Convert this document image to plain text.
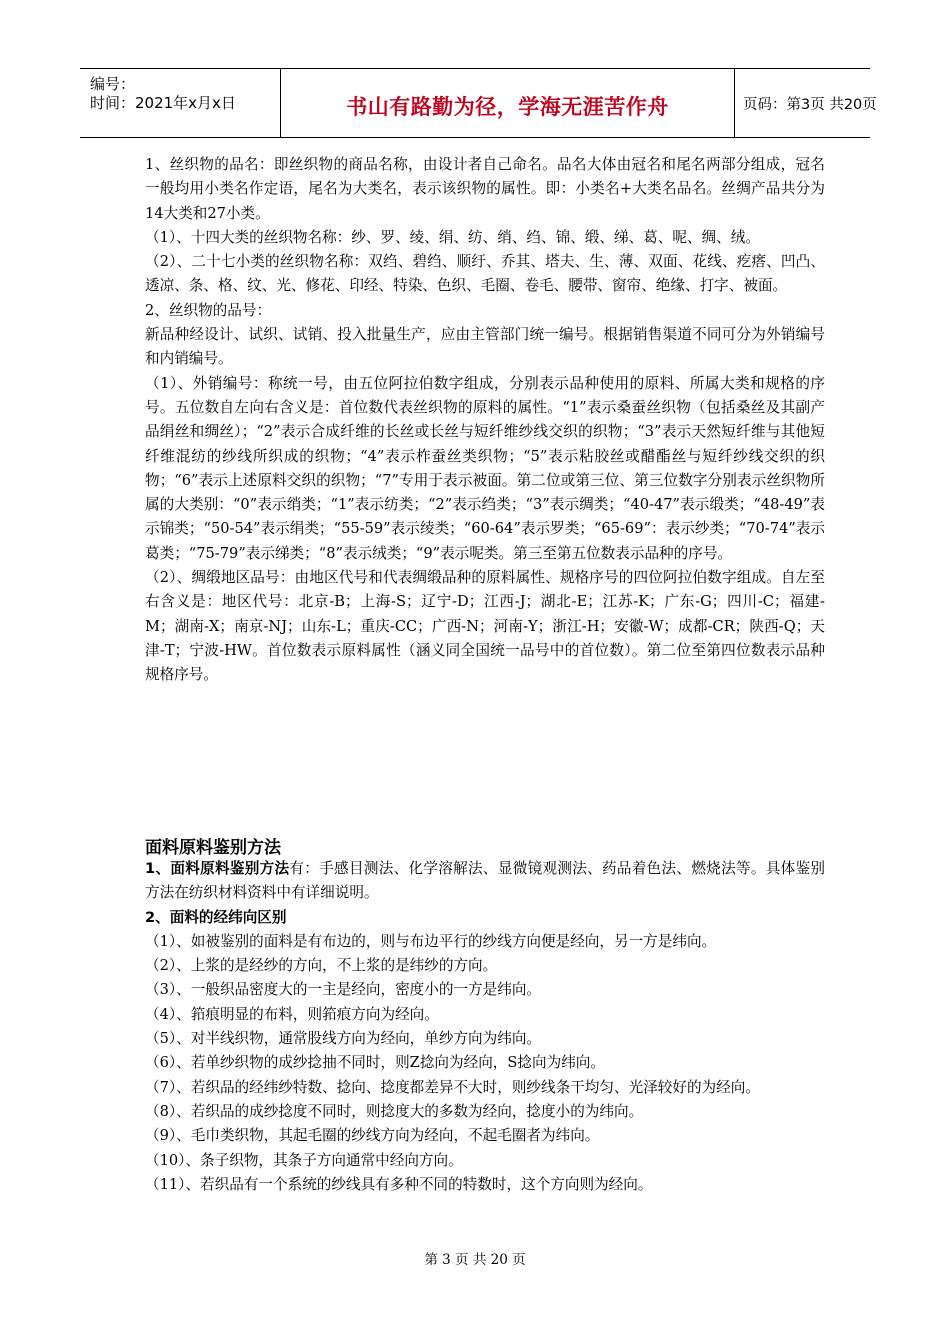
编号：
时间：2021年x月x日	书山有路勤为径，学海无涯苦作舟	页码：第3页 共20页

1、丝织物的品名：即丝织物的商品名称，由设计者自己命名。品名大体由冠名和尾名两部分组成，冠名一般均用小类名作定语，尾名为大类名，表示该织物的属性。即：小类名+大类名品名。丝绸产品共分为14大类和27小类。

（1）、十四大类的丝织物名称：纱、罗、绫、绢、纺、绡、绉、锦、缎、绨、葛、呢、绸、绒。

（2）、二十七小类的丝织物名称：双绉、碧绉、顺纡、乔其、塔夫、生、薄、双面、花线、疙瘩、凹凸、透凉、条、格、纹、光、修花、印经、特染、色织、毛圈、卷毛、腰带、窗帘、绝缘、打字、被面。

2、丝织物的品号：

新品种经设计、试织、试销、投入批量生产，应由主管部门统一编号。根据销售渠道不同可分为外销编号和内销编号。

（1）、外销编号：称统一号，由五位阿拉伯数字组成，分别表示品种使用的原料、所属大类和规格的序号。五位数自左向右含义是：首位数代表丝织物的原料的属性。“1”表示桑蚕丝织物（包括桑丝及其副产品绢丝和绸丝）；“2”表示合成纤维的长丝或长丝与短纤维纱线交织的织物；“3”表示天然短纤维与其他短纤维混纺的纱线所织成的织物；“4”表示柞蚕丝类织物；“5”表示粘胶丝或醋酯丝与短纤纱线交织的织物；“6”表示上述原料交织的织物；“7”专用于表示被面。第二位或第三位、第三位数字分别表示丝织物所属的大类别：“0”表示绡类；“1”表示纺类；“2”表示绉类；“3”表示绸类；“40-47”表示缎类；“48-49”表示锦类；“50-54”表示绢类；“55-59”表示绫类；“60-64”表示罗类；“65-69”：表示纱类；“70-74”表示葛类；“75-79”表示绨类；“8”表示绒类；“9”表示呢类。第三至第五位数表示品种的序号。

（2）、绸缎地区品号：由地区代号和代表绸缎品种的原料属性、规格序号的四位阿拉伯数字组成。自左至右含义是：地区代号：北京-B；上海-S；辽宁-D；江西-J；湖北-E；江苏-K；广东-G；四川-C；福建-M；湖南-X；南京-NJ；山东-L；重庆-CC；广西-N；河南-Y；浙江-H；安徽-W；成都-CR；陕西-Q；天津-T；宁波-HW。首位数表示原料属性（涵义同全国统一品号中的首位数）。第二位至第四位数表示品种规格序号。

面料原料鉴别方法

1、面料原料鉴别方法有：手感目测法、化学溶解法、显微镜观测法、药品着色法、燃烧法等。具体鉴别方法在纺织材料资料中有详细说明。

2、面料的经纬向区别

（1）、如被鉴别的面料是有布边的，则与布边平行的纱线方向便是经向，另一方是纬向。

（2）、上浆的是经纱的方向，不上浆的是纬纱的方向。

（3）、一般织品密度大的一主是经向，密度小的一方是纬向。

（4）、筘痕明显的布料，则筘痕方向为经向。

（5）、对半线织物，通常股线方向为经向，单纱方向为纬向。

（6）、若单纱织物的成纱捻抽不同时，则Z捻向为经向，S捻向为纬向。

（7）、若织品的经纬纱特数、捻向、捻度都差异不大时，则纱线条干均匀、光泽较好的为经向。

（8）、若织品的成纱捻度不同时，则捻度大的多数为经向，捻度小的为纬向。

（9）、毛巾类织物，其起毛圈的纱线方向为经向，不起毛圈者为纬向。

（10）、条子织物，其条子方向通常中经向方向。

（11）、若织品有一个系统的纱线具有多种不同的特数时，这个方向则为经向。

第 3 页 共 20 页
